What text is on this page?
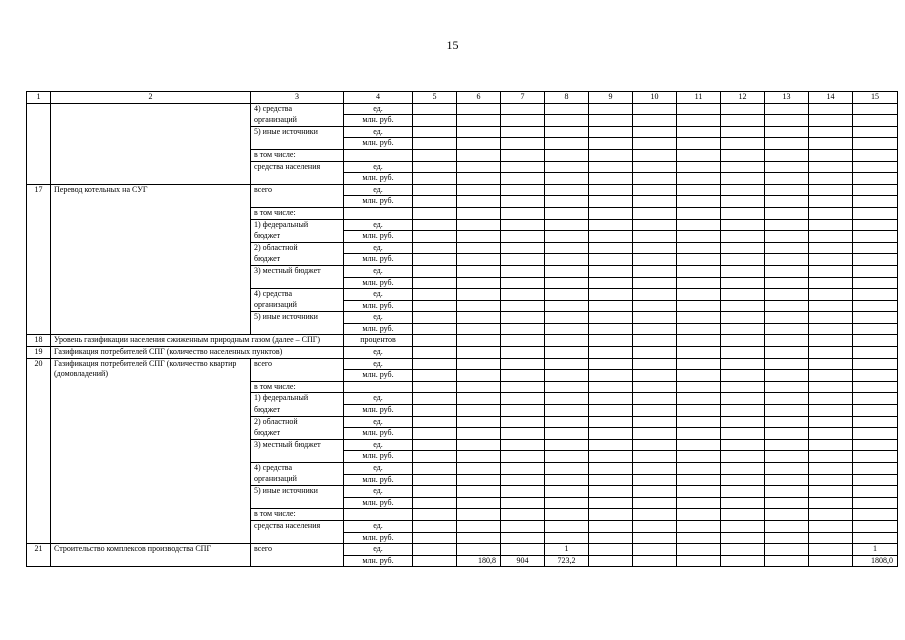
15
1	2	3	4	5	6	7	8	9	10	11	12	13	14	15
		4) средства	ед.											
		организаций	млн. руб.											
		5) иные источники	ед.											
			млн. руб.											
		в том числе:												
		средства населения	ед.											
			млн. руб.											
17	Перевод котельных на СУГ	всего	ед.											
			млн. руб.											
		в том числе:												
		1) федеральный	ед.											
		бюджет	млн. руб.											
		2) областной	ед.											
		бюджет	млн. руб.											
		3) местный бюджет	ед.											
			млн. руб.											
		4) средства	ед.											
		организаций	млн. руб.											
		5) иные источники	ед.											
			млн. руб.											
18	Уровень газификации населения сжиженным природным газом (далее – СПГ)		процентов											

19	Газификация потребителей СПГ (количество населенных пунктов)		ед.											

20	Газификация потребителей СПГ (количество квартир (домовладений)	всего	ед.											
			млн. руб.											
		в том числе:												
		1) федеральный	ед.											
		бюджет	млн. руб.											
		2) областной	ед.											
		бюджет	млн. руб.											
		3) местный бюджет	ед.											
			млн. руб.											
		4) средства	ед.											
		организаций	млн. руб.											
		5) иные источники	ед.											
			млн. руб.											
		в том числе:												
		средства населения	ед.											
			млн. руб.											
21	Строительство комплексов производства СПГ	всего	ед.				1							1
			млн. руб.		180,8	904	723,2							1808,0
